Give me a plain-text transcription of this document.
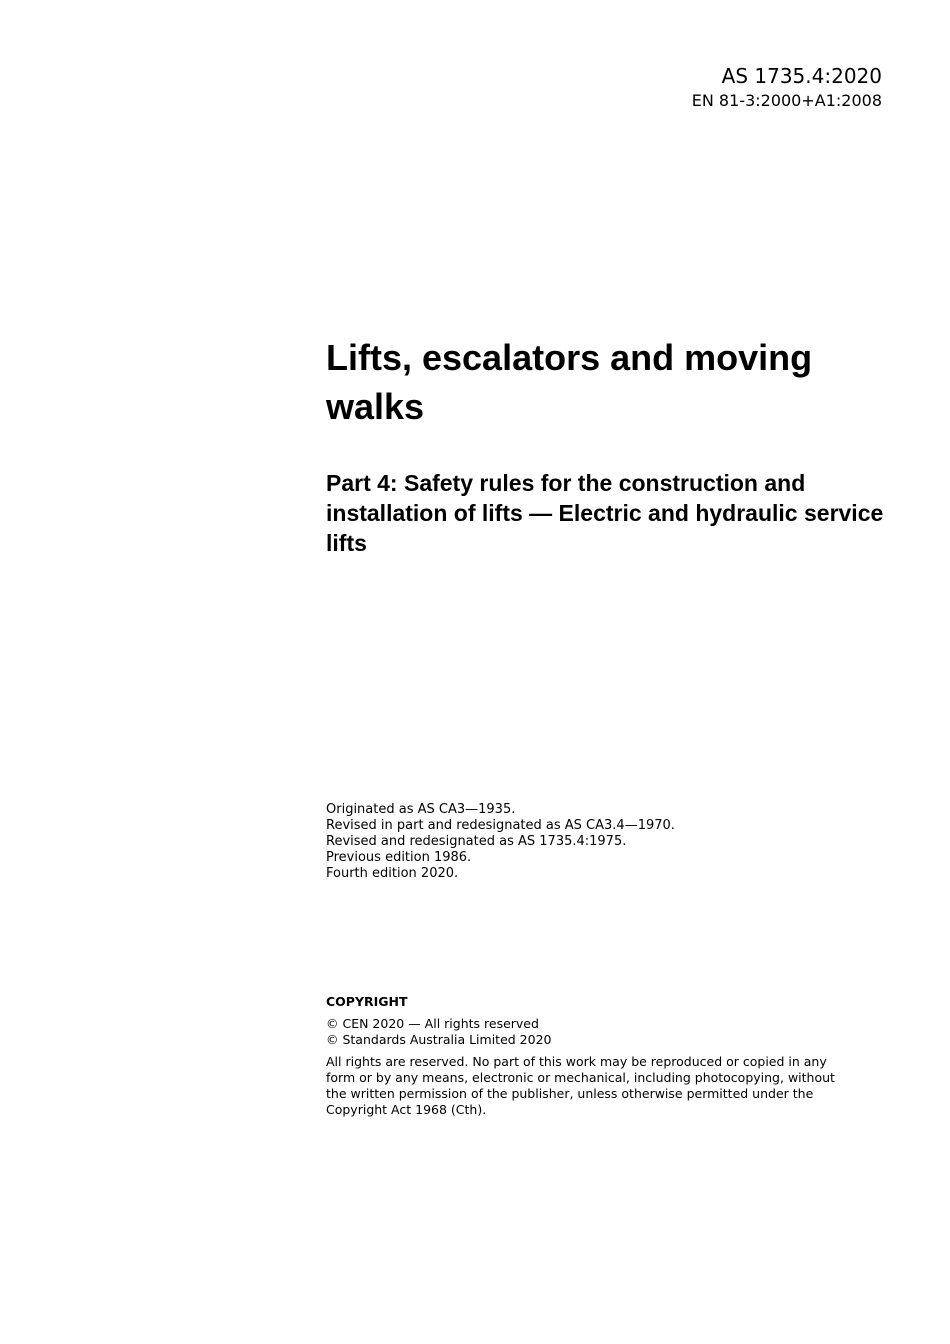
AS 1735.4:2020
EN 81-3:2000+A1:2008
Lifts, escalators and moving walks
Part 4: Safety rules for the construction and installation of lifts — Electric and hydraulic service lifts
Originated as AS CA3—1935.
Revised in part and redesignated as AS CA3.4—1970.
Revised and redesignated as AS 1735.4:1975.
Previous edition 1986.
Fourth edition 2020.
COPYRIGHT
© CEN 2020 — All rights reserved
© Standards Australia Limited 2020

All rights are reserved. No part of this work may be reproduced or copied in any form or by any means, electronic or mechanical, including photocopying, without the written permission of the publisher, unless otherwise permitted under the Copyright Act 1968 (Cth).
